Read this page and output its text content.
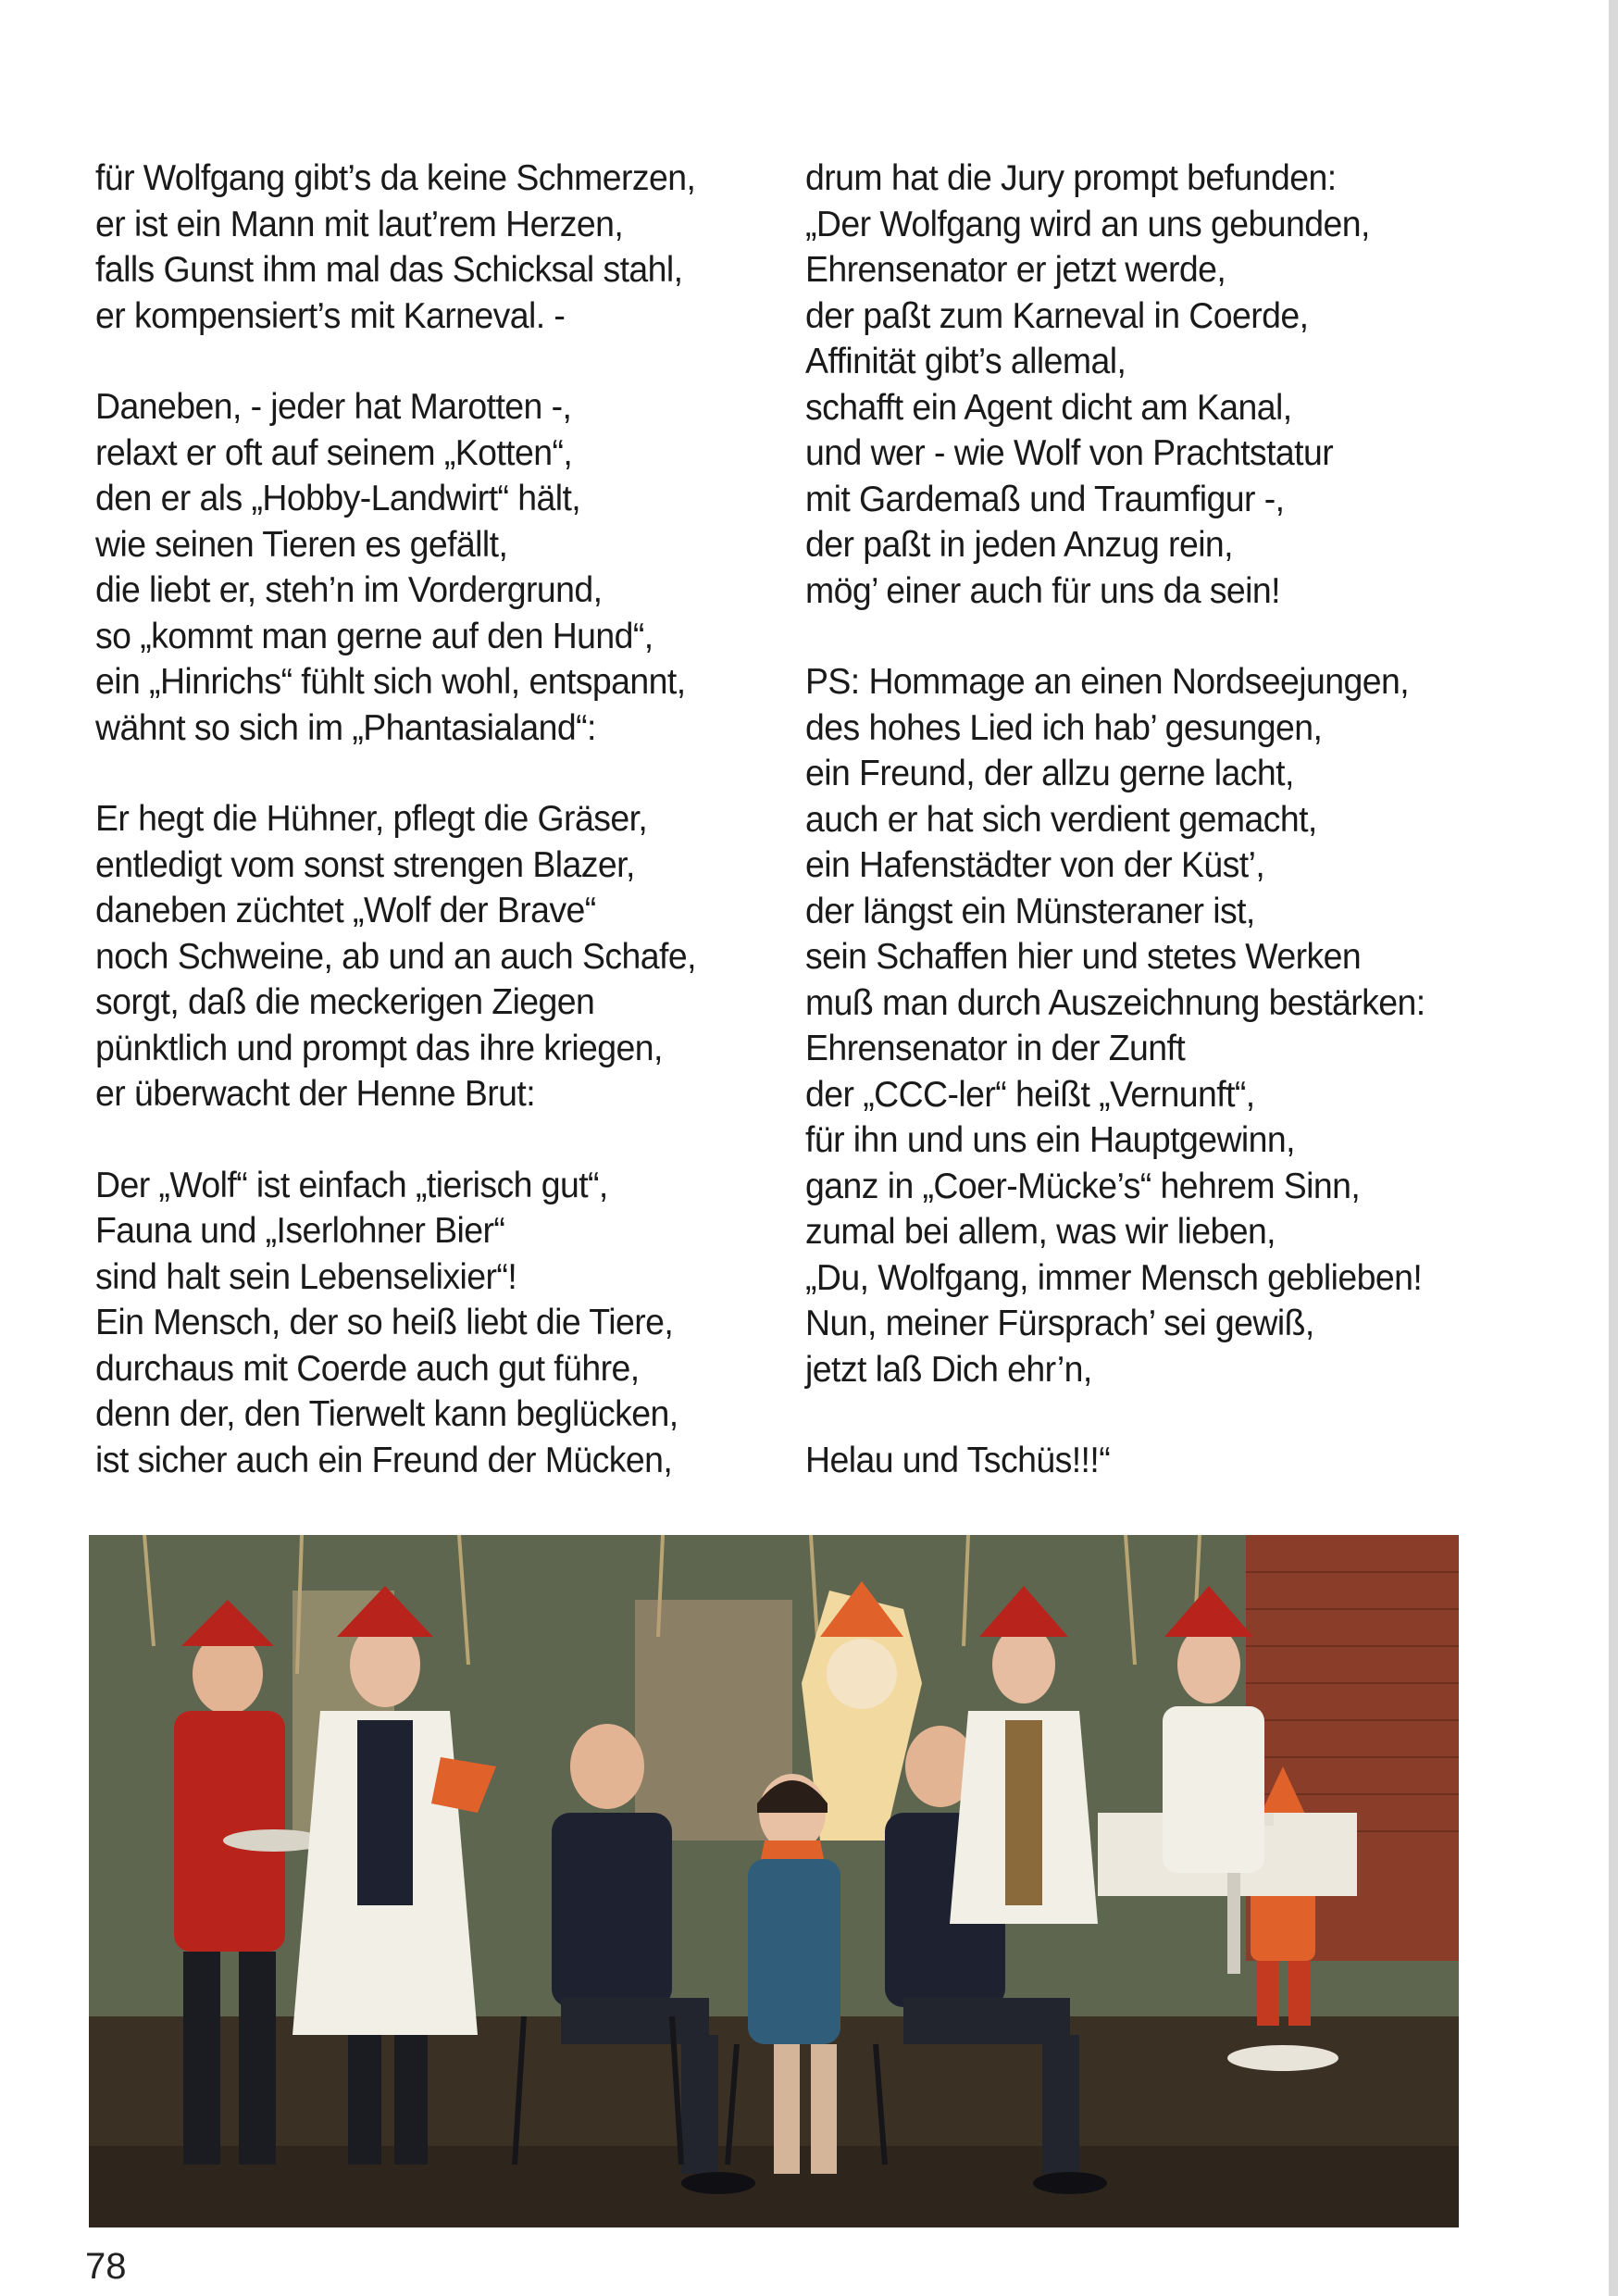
für Wolfgang gibt’s da keine Schmerzen,
er ist ein Mann mit laut’rem Herzen,
falls Gunst ihm mal das Schicksal stahl,
er kompensiert’s mit Karneval. -
Daneben, - jeder hat Marotten -,
relaxt er oft auf seinem „Kotten“,
den er als „Hobby-Landwirt“ hält,
wie seinen Tieren es gefällt,
die liebt er, steh’n im Vordergrund,
so „kommt man gerne auf den Hund“,
ein „Hinrichs“ fühlt sich wohl, entspannt,
wähnt so sich im „Phantasialand“:
Er hegt die Hühner, pflegt die Gräser,
entledigt vom sonst strengen Blazer,
daneben züchtet „Wolf der Brave“
noch Schweine, ab und an auch Schafe,
sorgt, daß die meckerigen Ziegen
pünktlich und prompt das ihre kriegen,
er überwacht der Henne Brut:
Der „Wolf“ ist einfach „tierisch gut“,
Fauna und „Iserlohner Bier“
sind halt sein Lebenselixier“!
Ein Mensch, der so heiß liebt die Tiere,
durchaus mit Coerde auch gut führe,
denn der, den Tierwelt kann beglücken,
ist sicher auch ein Freund der Mücken,
drum hat die Jury prompt befunden:
„Der Wolfgang wird an uns gebunden,
Ehrensenator er jetzt werde,
der paßt zum Karneval in Coerde,
Affinität gibt’s allemal,
schafft ein Agent dicht am Kanal,
und wer - wie Wolf von Prachtstatur
mit Gardemaß und Traumfigur -,
der paßt in jeden Anzug rein,
mög’ einer auch für uns da sein!
PS: Hommage an einen Nordseejungen,
des hohes Lied ich hab’ gesungen,
ein Freund, der allzu gerne lacht,
auch er hat sich verdient gemacht,
ein Hafenstädter von der Küst’,
der längst ein Münsteraner ist,
sein Schaffen hier und stetes Werken
muß man durch Auszeichnung bestärken:
Ehrensenator in der Zunft
der „CCC-ler“ heißt „Vernunft“,
für ihn und uns ein Hauptgewinn,
ganz in „Coer-Mücke’s“ hehrem Sinn,
zumal bei allem, was wir lieben,
„Du, Wolfgang, immer Mensch geblieben!
Nun, meiner Fürsprach’ sei gewiß,
jetzt laß Dich ehr’n,
Helau und Tschüs!!!“
78
